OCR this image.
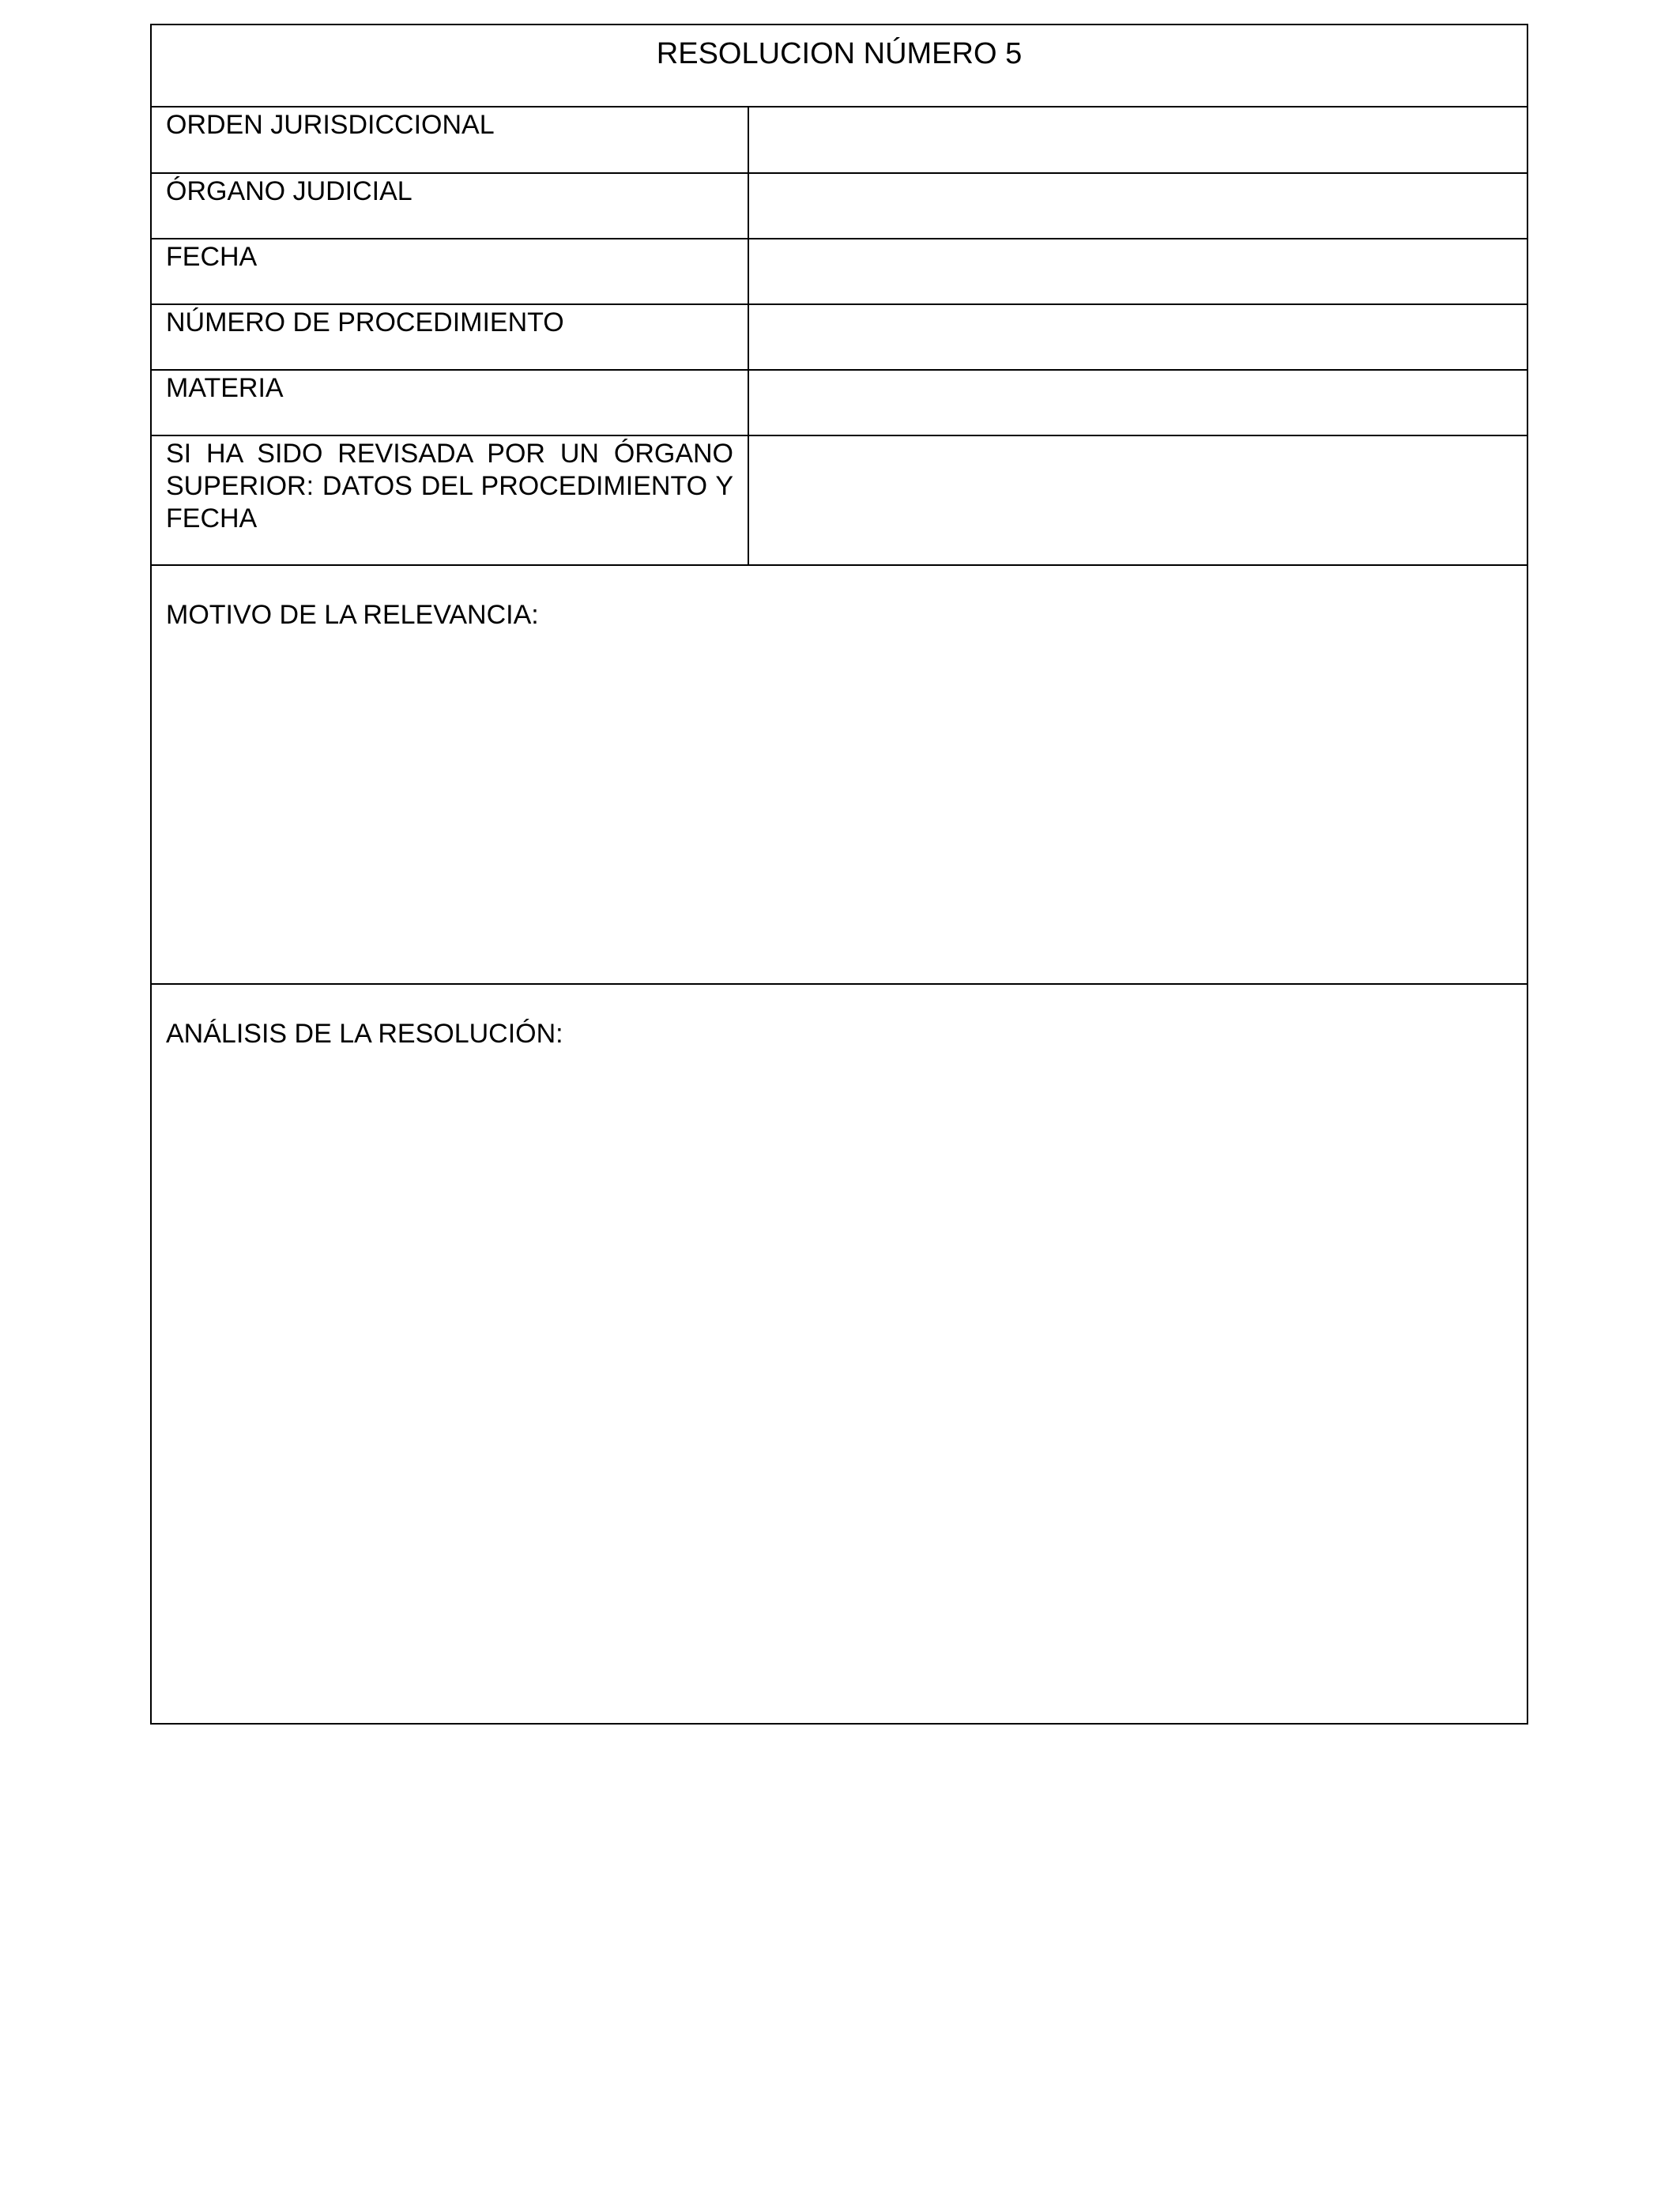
RESOLUCION NÚMERO 5
ORDEN JURISDICCIONAL
ÓRGANO JUDICIAL
FECHA
NÚMERO DE PROCEDIMIENTO
MATERIA
SI HA SIDO REVISADA POR UN ÓRGANO SUPERIOR: DATOS DEL PROCEDIMIENTO Y FECHA
MOTIVO DE LA RELEVANCIA:
ANÁLISIS DE LA RESOLUCIÓN:
